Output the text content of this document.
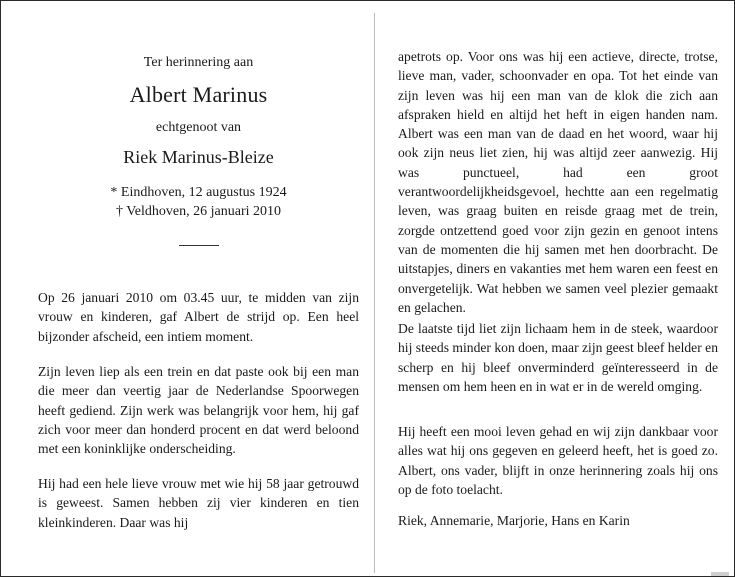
Ter herinnering aan
Albert Marinus
echtgenoot van
Riek Marinus-Bleize
* Eindhoven, 12 augustus 1924
† Veldhoven, 26 januari 2010

Op 26 januari 2010 om 03.45 uur, te midden van zijn vrouw en kinderen, gaf Albert de strijd op. Een heel bijzonder afscheid, een intiem moment.

Zijn leven liep als een trein en dat paste ook bij een man die meer dan veertig jaar de Nederlandse Spoorwegen heeft gediend. Zijn werk was belangrijk voor hem, hij gaf zich voor meer dan honderd procent en dat werd beloond met een koninklijke onderscheiding.

Hij had een hele lieve vrouw met wie hij 58 jaar getrouwd is geweest. Samen hebben zij vier kinderen en tien kleinkinderen. Daar was hij

apetrots op. Voor ons was hij een actieve, directe, trotse, lieve man, vader, schoonvader en opa. Tot het einde van zijn leven was hij een man van de klok die zich aan afspraken hield en altijd het heft in eigen handen nam. Albert was een man van de daad en het woord, waar hij ook zijn neus liet zien, hij was altijd zeer aanwezig. Hij was punctueel, had een groot verantwoordelijkheidsgevoel, hechtte aan een regelmatig leven, was graag buiten en reisde graag met de trein, zorgde ontzettend goed voor zijn gezin en genoot intens van de momenten die hij samen met hen doorbracht. De uitstapjes, diners en vakanties met hem waren een feest en onvergetelijk. Wat hebben we samen veel plezier gemaakt en gelachen.

De laatste tijd liet zijn lichaam hem in de steek, waardoor hij steeds minder kon doen, maar zijn geest bleef helder en scherp en hij bleef onverminderd geïnteresseerd in de mensen om hem heen en in wat er in de wereld omging.

Hij heeft een mooi leven gehad en wij zijn dankbaar voor alles wat hij ons gegeven en geleerd heeft, het is goed zo. Albert, ons vader, blijft in onze herinnering zoals hij ons op de foto toelacht.

Riek, Annemarie, Marjorie, Hans en Karin
